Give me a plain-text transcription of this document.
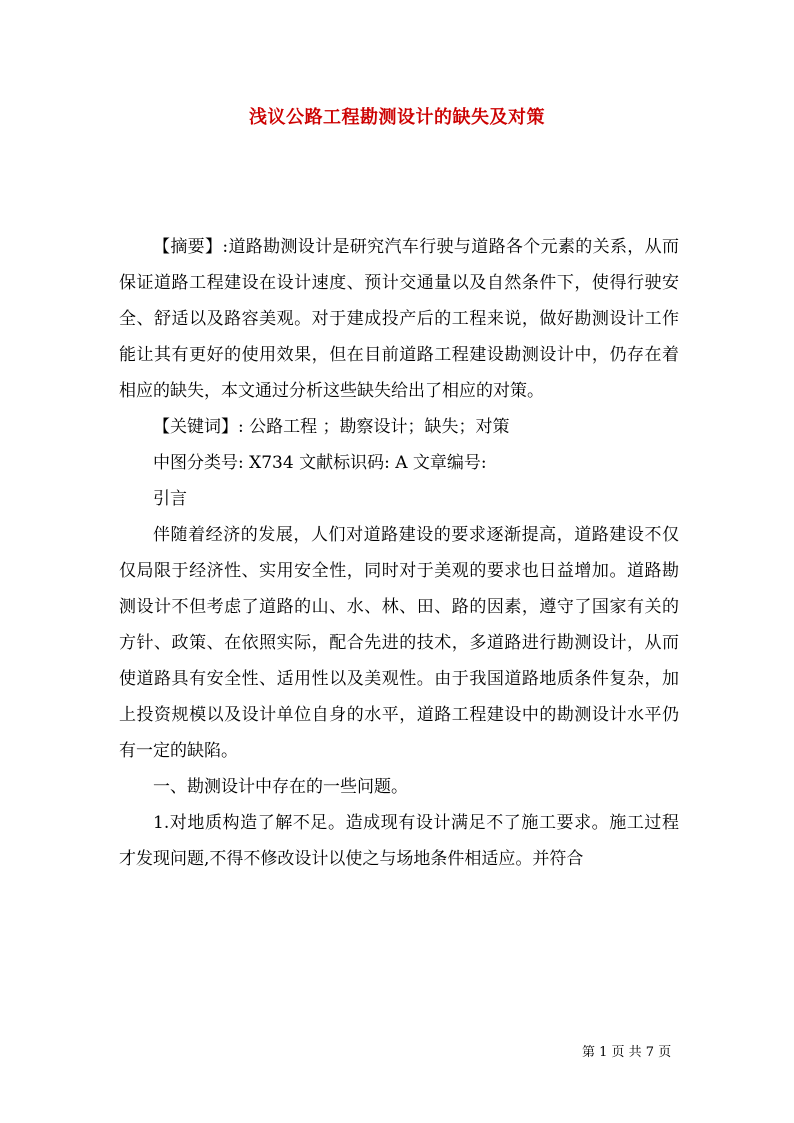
浅议公路工程勘测设计的缺失及对策

【摘要】:道路勘测设计是研究汽车行驶与道路各个元素的关系，从而保证道路工程建设在设计速度、预计交通量以及自然条件下，使得行驶安全、舒适以及路容美观。对于建成投产后的工程来说，做好勘测设计工作能让其有更好的使用效果，但在目前道路工程建设勘测设计中，仍存在着相应的缺失，本文通过分析这些缺失给出了相应的对策。

【关键词】: 公路工程 ；勘察设计；缺失；对策

中图分类号: X734 文献标识码: A 文章编号:

引言

伴随着经济的发展，人们对道路建设的要求逐渐提高，道路建设不仅仅局限于经济性、实用安全性，同时对于美观的要求也日益增加。道路勘测设计不但考虑了道路的山、水、林、田、路的因素，遵守了国家有关的方针、政策、在依照实际，配合先进的技术，多道路进行勘测设计，从而使道路具有安全性、适用性以及美观性。由于我国道路地质条件复杂，加上投资规模以及设计单位自身的水平，道路工程建设中的勘测设计水平仍有一定的缺陷。

一、勘测设计中存在的一些问题。

1.对地质构造了解不足。造成现有设计满足不了施工要求。施工过程才发现问题,不得不修改设计以使之与场地条件相适应。并符合

第 1 页 共 7 页
